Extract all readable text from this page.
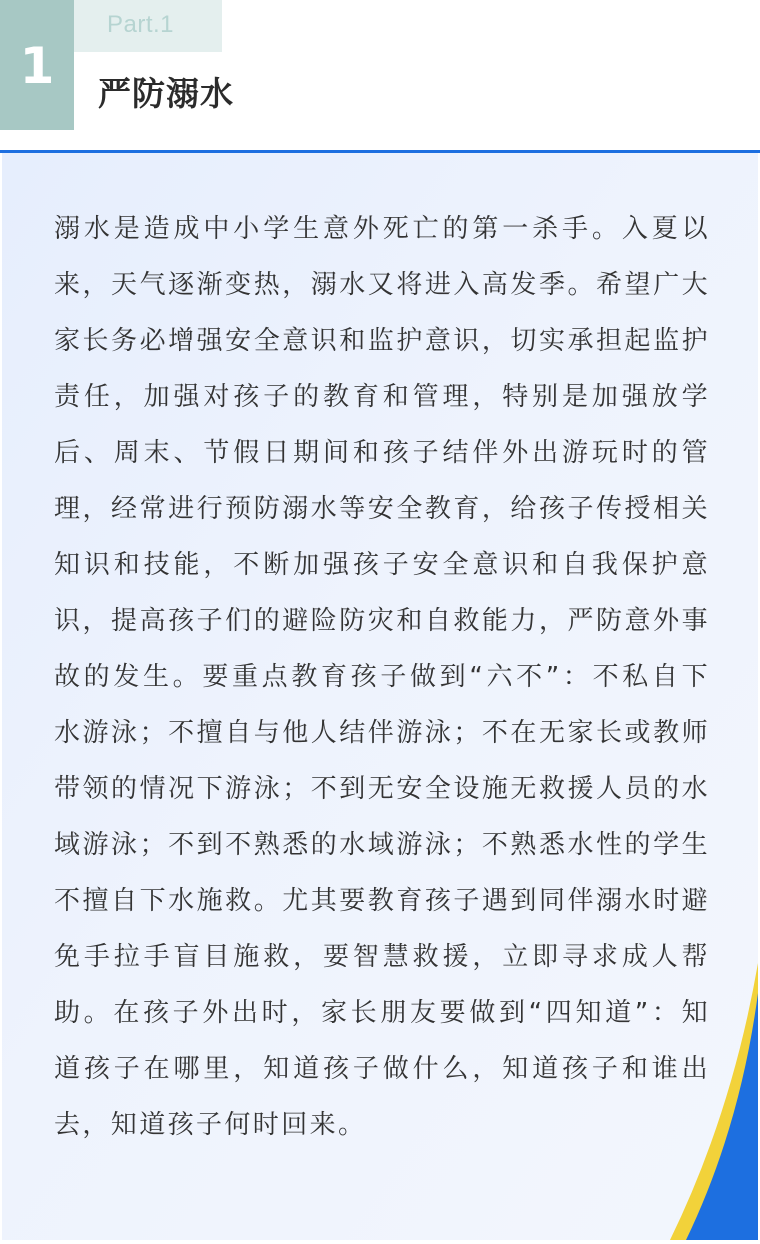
1
Part.1
严防溺水
溺水是造成中小学生意外死亡的第一杀手。入夏以来，天气逐渐变热，溺水又将进入高发季。希望广大家长务必增强安全意识和监护意识，切实承担起监护责任，加强对孩子的教育和管理，特别是加强放学后、周末、节假日期间和孩子结伴外出游玩时的管理，经常进行预防溺水等安全教育，给孩子传授相关知识和技能，不断加强孩子安全意识和自我保护意识，提高孩子们的避险防灾和自救能力，严防意外事故的发生。要重点教育孩子做到“六不”：不私自下水游泳；不擅自与他人结伴游泳；不在无家长或教师带领的情况下游泳；不到无安全设施无救援人员的水域游泳；不到不熟悉的水域游泳；不熟悉水性的学生不擅自下水施救。尤其要教育孩子遇到同伴溺水时避免手拉手盲目施救，要智慧救援，立即寻求成人帮助。在孩子外出时，家长朋友要做到“四知道”：知道孩子在哪里，知道孩子做什么，知道孩子和谁出去，知道孩子何时回来。
